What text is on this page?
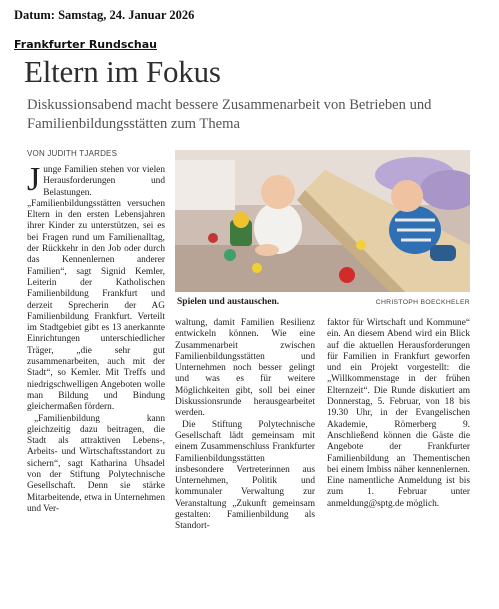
Datum: Samstag, 24. Januar 2026
Frankfurter Rundschau
Eltern im Fokus

Diskussionsabend macht bessere Zusammenarbeit von Betrieben und Familienbildungsstätten zum Thema

VON JUDITH TJARDES
Spielen und austauschen.	CHRISTOPH BOECKHELER
J unge Familien stehen vor vielen Herausforderungen und Belastungen. „Familienbildungsstätten versuchen Eltern in den ersten Lebensjahren ihrer Kinder zu unterstützen, sei es bei Fragen rund um Familienalltag, der Rückkehr in den Job oder durch das Kennenlernen anderer Familien“, sagt Signid Kemler, Leiterin der Katholischen Familienbildung Frankfurt und derzeit Sprecherin der AG Familienbildung Frankfurt. Verteilt im Stadtgebiet gibt es 13 anerkannte Einrichtungen unterschiedlicher Träger, „die sehr gut zusammenarbeiten, auch mit der Stadt“, so Kemler. Mit Treffs und niedrigschwelligen Angeboten wolle man Bildung und Bindung gleichermaßen fördern.

„Familienbildung kann gleichzeitig dazu beitragen, die Stadt als attraktiven Lebens-, Arbeits- und Wirtschaftsstandort zu sichern“, sagt Katharina Uhsadel von der Stiftung Polytechnische Gesellschaft. Denn sie stärke Mitarbeitende, etwa in Unternehmen und Ver-

waltung, damit Familien Resilienz entwickeln können. Wie eine Zusammenarbeit zwischen Familienbildungsstätten und Unternehmen noch besser gelingt und was es für weitere Möglichkeiten gibt, soll bei einer Diskussionsrunde herausgearbeitet werden.

Die Stiftung Polytechnische Gesellschaft lädt gemeinsam mit einem Zusammenschluss Frankfurter Familienbildungsstätten insbesondere Vertreterinnen aus Unternehmen, Politik und kommunaler Verwaltung zur Veranstaltung „Zukunft gemeinsam gestalten: Familienbildung als Standort-

faktor für Wirtschaft und Kommune“ ein. An diesem Abend wird ein Blick auf die aktuellen Herausforderungen für Familien in Frankfurt geworfen und ein Projekt vorgestellt: die „Willkommenstage in der frühen Elternzeit“. Die Runde diskutiert am Donnerstag, 5. Februar, von 18 bis 19.30 Uhr, in der Evangelischen Akademie, Römerberg 9. Anschließend können die Gäste die Angebote der Frankfurter Familienbildung an Thementischen bei einem Imbiss näher kennenlernen. Eine namentliche Anmeldung ist bis zum 1. Februar unter anmeldung@sptg.de möglich.
